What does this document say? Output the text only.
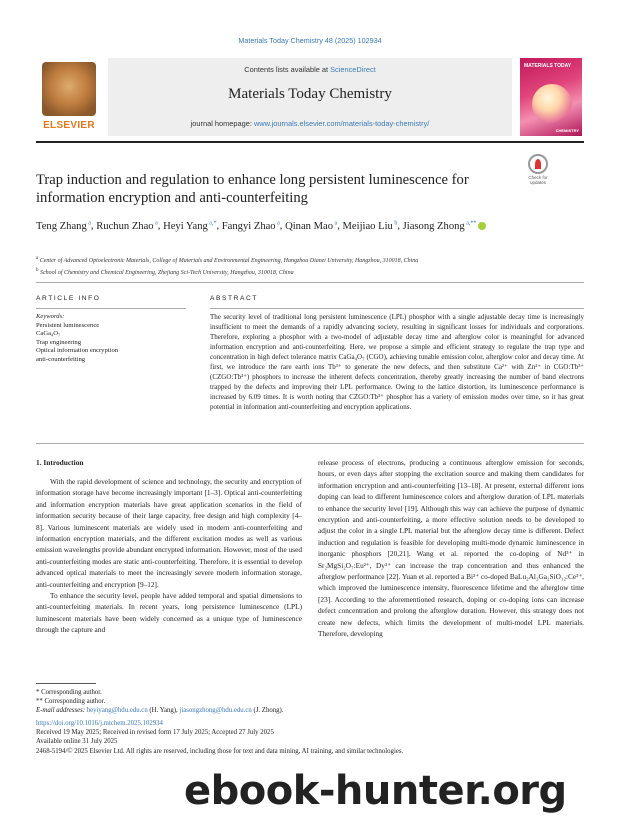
Materials Today Chemistry 48 (2025) 102934
ELSEVIER
Contents lists available at ScienceDirect
Materials Today Chemistry
journal homepage: www.journals.elsevier.com/materials-today-chemistry/
MATERIALS TODAY
CHEMISTRY
Check for updates
Trap induction and regulation to enhance long persistent luminescence for information encryption and anti-counterfeiting
Teng Zhang $^a$, Ruchun Zhao $^a$, Heyi Yang $^{a,*}$, Fangyi Zhao $^a$, Qinan Mao $^a$, Meijiao Liu $^b$, Jiasong Zhong $^{a,**}$
$^a$ Center of Advanced Optoelectronic Materials, College of Materials and Environmental Engineering, Hangzhou Dianzi University, Hangzhou, 310018, China
$^b$ School of Chemistry and Chemical Engineering, Zhejiang Sci-Tech University, Hangzhou, 310018, China
ARTICLE INFO	ABSTRACT
Keywords:
Persistent luminescence
CaGa₄O₇
Trap engineering
Optical information encryption
anti-counterfeiting
The security level of traditional long persistent luminescence (LPL) phosphor with a single adjustable decay time is increasingly insufficient to meet the demands of a rapidly advancing society, resulting in significant losses for individuals and corporations. Therefore, exploring a phosphor with a two-model of adjustable decay time and afterglow color is meaningful for advanced information encryption and anti-counterfeiting. Here, we propose a simple and efficient strategy to regulate the trap type and concentration in high defect tolerance matrix CaGa₄O₇ (CGO), achieving tunable emission color, afterglow color and decay time. At first, we introduce the rare earth ions Tb³⁺ to generate the new defects, and then substitute Ca²⁺ with Zn²⁺ in CGO:Tb³⁺ (CZGO:Tb³⁺) phosphors to increase the inherent defects concentration, thereby greatly increasing the number of band electrons trapped by the defects and improving their LPL performance. Owing to the lattice distortion, its luminescence performance is increased by 6.09 times. It is worth noting that CZGO:Tb³⁺ phosphor has a variety of emission modes over time, so it has great potential in information anti-counterfeiting and encryption applications.
1. Introduction

With the rapid development of science and technology, the security and encryption of information storage have become increasingly important [1–3]. Optical anti-counterfeiting and information encryption materials have great application scenarios in the field of information security because of their large capacity, free design and high complexity [4–8]. Various luminescent materials are widely used in modern anti-counterfeiting and information encryption materials, and the different excitation modes as well as various emission wavelengths provide abundant encrypted information. However, most of the used anti-counterfeiting modes are static anti-counterfeiting. Therefore, it is essential to develop advanced optical materials to meet the increasingly severe modern information storage, anti-counterfeiting and encryption [9–12].

To enhance the security level, people have added temporal and spatial dimensions to anti-counterfeiting materials. In recent years, long persistence luminescence (LPL) luminescent materials have been widely concerned as a unique type of luminescence through the capture and

release process of electrons, producing a continuous afterglow emission for seconds, hours, or even days after stopping the excitation source and making them candidates for information encryption and anti-counterfeiting [13–18]. At present, external different ions doping can lead to different luminescence colors and afterglow duration of LPL materials to enhance the security level [19]. Although this way can achieve the purpose of dynamic encryption and anti-counterfeiting, a more effective solution needs to be developed to adjust the color in a single LPL material but the afterglow decay time is different. Defect induction and regulation is feasible for developing multi-mode dynamic luminescence in inorganic phosphors [20,21]. Wang et al. reported the co-doping of Nd³⁺ in Sr₂MgSi₂O₇:Eu²⁺, Dy³⁺ can increase the trap concentration and thus enhanced the afterglow performance [22]. Yuan et al. reported a Bi³⁺ co-doped BaLu₂Al₂Ga₂SiO₁₂:Ce³⁺, which improved the luminescence intensity, fluorescence lifetime and the afterglow time [23]. According to the aforementioned research, doping or co-doping ions can increase defect concentration and prolong the afterglow duration. However, this strategy does not create new defects, which limits the development of multi-model LPL materials. Therefore, developing

* Corresponding author.
** Corresponding author.
E-mail addresses: heyiyang@hdu.edu.cn (H. Yang), jiasongzhong@hdu.edu.cn (J. Zhong).
https://doi.org/10.1016/j.mtchem.2025.102934
Received 19 May 2025; Received in revised form 17 July 2025; Accepted 27 July 2025
Available online 31 July 2025
2468-5194/© 2025 Elsevier Ltd. All rights are reserved, including those for text and data mining, AI training, and similar technologies.
ebook-hunter.org
